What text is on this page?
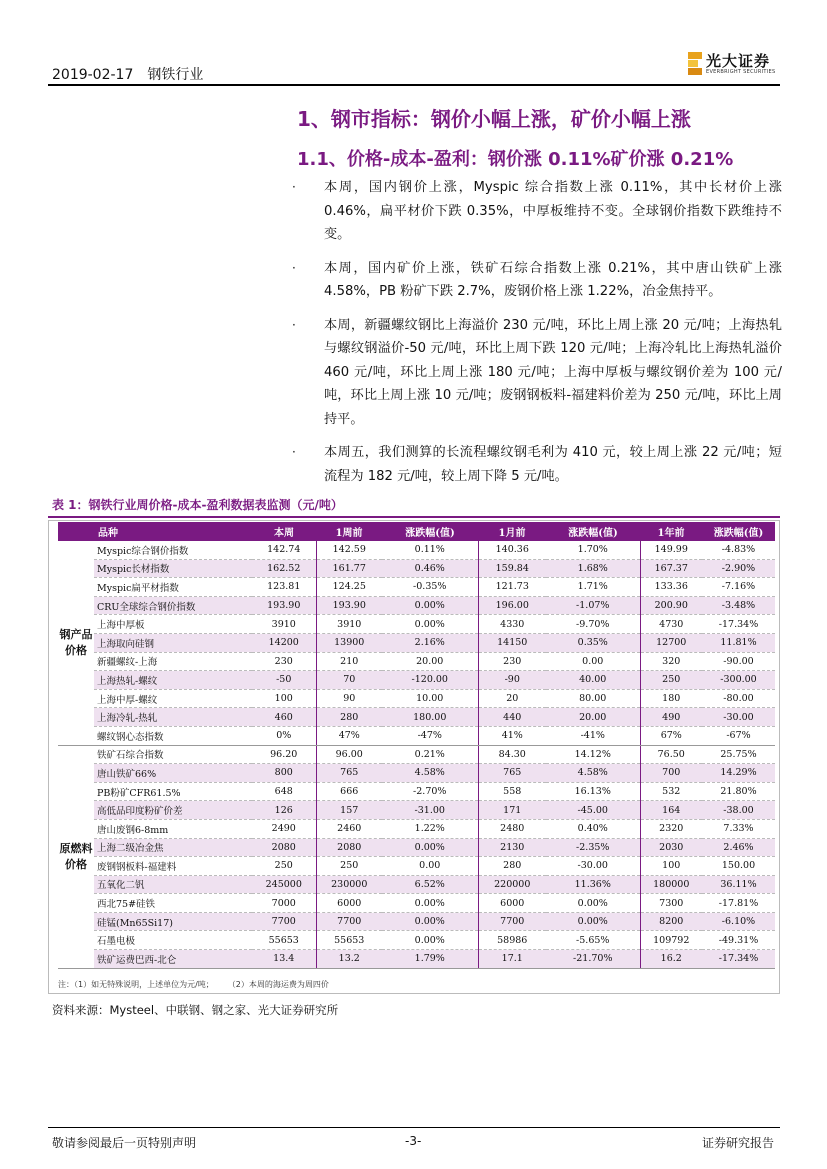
2019-02-17 钢铁行业
光大证券
EVERBRIGHT SECURITIES
1、钢市指标：钢价小幅上涨，矿价小幅上涨
1.1、价格-成本-盈利：钢价涨 0.11%矿价涨 0.21%
· 本周，国内钢价上涨，Myspic 综合指数上涨 0.11%，其中长材价上涨 0.46%，扁平材价下跌 0.35%，中厚板维持不变。全球钢价指数下跌维持不变。
· 本周，国内矿价上涨，铁矿石综合指数上涨 0.21%，其中唐山铁矿上涨 4.58%，PB 粉矿下跌 2.7%，废钢价格上涨 1.22%，冶金焦持平。
· 本周，新疆螺纹钢比上海溢价 230 元/吨，环比上周上涨 20 元/吨；上海热轧与螺纹钢溢价-50 元/吨，环比上周下跌 120 元/吨；上海冷轧比上海热轧溢价 460 元/吨，环比上周上涨 180 元/吨；上海中厚板与螺纹钢价差为 100 元/吨，环比上周上涨 10 元/吨；废钢钢板料-福建料价差为 250 元/吨，环比上周持平。
· 本周五，我们测算的长流程螺纹钢毛利为 410 元，较上周上涨 22 元/吨；短流程为 182 元/吨，较上周下降 5 元/吨。
表 1：钢铁行业周价格-成本-盈利数据表监测（元/吨）
品种		本周	1周前	涨跌幅(值)	1月前	涨跌幅(值)	1年前	涨跌幅(值)
钢产品价格	Myspic综合钢价指数	142.74	142.59	0.11%	140.36	1.70%	149.99	-4.83%
	Myspic长材指数	162.52	161.77	0.46%	159.84	1.68%	167.37	-2.90%
	Myspic扁平材指数	123.81	124.25	-0.35%	121.73	1.71%	133.36	-7.16%
	CRU全球综合钢价指数	193.90	193.90	0.00%	196.00	-1.07%	200.90	-3.48%
	上海中厚板	3910	3910	0.00%	4330	-9.70%	4730	-17.34%
	上海取向硅钢	14200	13900	2.16%	14150	0.35%	12700	11.81%
	新疆螺纹-上海	230	210	20.00	230	0.00	320	-90.00
	上海热轧-螺纹	-50	70	-120.00	-90	40.00	250	-300.00
	上海中厚-螺纹	100	90	10.00	20	80.00	180	-80.00
	上海冷轧-热轧	460	280	180.00	440	20.00	490	-30.00
	螺纹钢心态指数	0%	47%	-47%	41%	-41%	67%	-67%
原燃料价格	铁矿石综合指数	96.20	96.00	0.21%	84.30	14.12%	76.50	25.75%
	唐山铁矿66%	800	765	4.58%	765	4.58%	700	14.29%
	PB粉矿CFR61.5%	648	666	-2.70%	558	16.13%	532	21.80%
	高低品印度粉矿价差	126	157	-31.00	171	-45.00	164	-38.00
	唐山废钢6-8mm	2490	2460	1.22%	2480	0.40%	2320	7.33%
	上海二级冶金焦	2080	2080	0.00%	2130	-2.35%	2030	2.46%
	废钢钢板料-福建料	250	250	0.00	280	-30.00	100	150.00
	五氧化二钒	245000	230000	6.52%	220000	11.36%	180000	36.11%
	西北75#硅铁	7000	6000	0.00%	6000	0.00%	7300	-17.81%
	硅锰(Mn65Si17)	7700	7700	0.00%	7700	0.00%	8200	-6.10%
	石墨电极	55653	55653	0.00%	58986	-5.65%	109792	-49.31%
	铁矿运费巴西-北仑	13.4	13.2	1.79%	17.1	-21.70%	16.2	-17.34%
注：（1）如无特殊说明，上述单位为元/吨； （2）本周的海运费为周四价
资料来源：Mysteel、中联钢、钢之家、光大证券研究所
敬请参阅最后一页特别声明	-3-	证券研究报告
